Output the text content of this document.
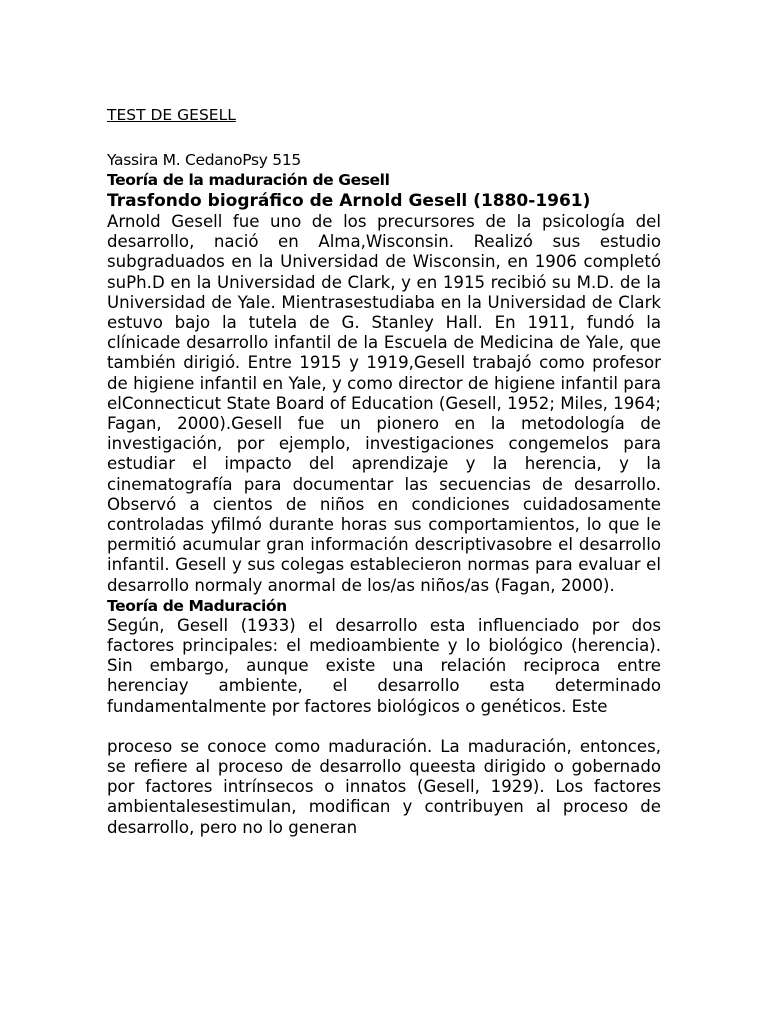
TEST DE GESELL
Yassira M. CedanoPsy 515
Teoría de la maduración de Gesell
Trasfondo biográfico de Arnold Gesell (1880-1961)

Arnold Gesell fue uno de los precursores de la psicología del desarrollo, nació en Alma,Wisconsin. Realizó sus estudio subgraduados en la Universidad de Wisconsin, en 1906 completó suPh.D en la Universidad de Clark, y en 1915 recibió su M.D. de la Universidad de Yale. Mientrasestudiaba en la Universidad de Clark estuvo bajo la tutela de G. Stanley Hall. En 1911, fundó la clínicade desarrollo infantil de la Escuela de Medicina de Yale, que también dirigió. Entre 1915 y 1919,Gesell trabajó como profesor de higiene infantil en Yale, y como director de higiene infantil para elConnecticut State Board of Education (Gesell, 1952; Miles, 1964; Fagan, 2000).Gesell fue un pionero en la metodología de investigación, por ejemplo, investigaciones congemelos para estudiar el impacto del aprendizaje y la herencia, y la cinematografía para documentar las secuencias de desarrollo. Observó a cientos de niños en condiciones cuidadosamente controladas yfilmó durante horas sus comportamientos, lo que le permitió acumular gran información descriptivasobre el desarrollo infantil. Gesell y sus colegas establecieron normas para evaluar el desarrollo normaly anormal de los/as niños/as (Fagan, 2000).

Teoría de Maduración

Según, Gesell (1933) el desarrollo esta influenciado por dos factores principales: el medioambiente y lo biológico (herencia). Sin embargo, aunque existe una relación reciproca entre herenciay ambiente, el desarrollo esta determinado fundamentalmente por factores biológicos o genéticos. Este

proceso se conoce como maduración. La maduración, entonces, se refiere al proceso de desarrollo queesta dirigido o gobernado por factores intrínsecos o innatos (Gesell, 1929). Los factores ambientalesestimulan, modifican y contribuyen al proceso de desarrollo, pero no lo generan
